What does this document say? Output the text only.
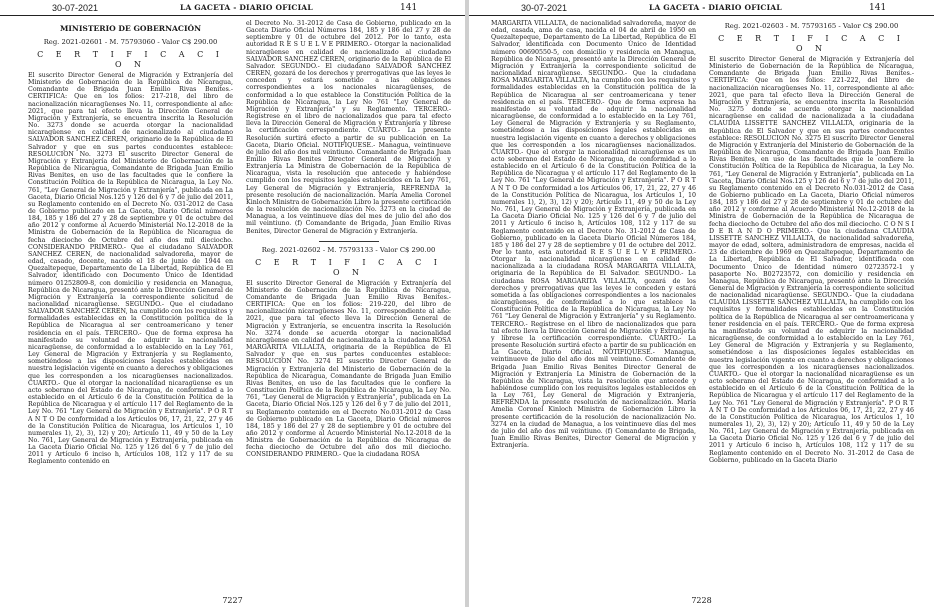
30-07-2021	LA GACETA - DIARIO OFICIAL	141

MINISTERIO DE GOBERNACIÓN

Reg. 2021-02601 - M. 75793060 - Valor C$ 290.00

C E R T I F I C A C I O N

El suscrito Director General de Migración y Extranjería del Ministerio de Gobernación de la República de Nicaragua, Comandante de Brigada Juan Emilio Rivas Benites.- CERTIFICA: Que en los folios: 217-218, del libro de nacionalización nicaragüenses No. 11, correspondiente al año: 2021, que para tal efecto lleva la Dirección General de Migración y Extranjería, se encuentra inscrita la Resolución No. 3273 donde se acuerda otorgar la nacionalidad nicaragüense en calidad de nacionalizado al ciudadano SALVADOR SANCHEZ CEREN, originario de la República de El Salvador y que en sus partes conducentes establece: RESOLUCION No. 3273 El suscrito Director General de Migración y Extranjería del Ministerio de Gobernación de la República de Nicaragua, Comandante de Brigada Juan Emilio Rivas Benites, en uso de las facultades que le confiere la Constitución Política de la República de Nicaragua, la Ley No. 761, "Ley General de Migración y Extranjería", publicada en La Gaceta, Diario Oficial Nos.125 y 126 del 6 y 7 de julio del 2011, su Reglamento contenido en el Decreto No. 031-2012 de Casa de Gobierno publicado en La Gaceta, Diario Oficial números 184, 185 y 186 del 27 y 28 de septiembre y 01 de octubre del año 2012 y conforme al Acuerdo Ministerial No.12-2018 de la Ministra de Gobernación de la República de Nicaragua de fecha dieciocho de Octubre del año dos mil dieciocho. CONSIDERANDO PRIMERO.- Que el ciudadano SALVADOR SANCHEZ CEREN, de nacionalidad salvadoreña, mayor de edad, casado, docente, nacido el 18 de junio de 1944 en Quezaltepeque, Departamento de La Libertad, República de El Salvador, identificado con Documento Único de Identidad número 01252809-8, con domicilio y residencia en Managua, República de Nicaragua, presentó ante la Dirección General de Migración y Extranjería la correspondiente solicitud de nacionalidad nicaragüense. SEGUNDO.- Que el ciudadano SALVADOR SANCHEZ CEREN, ha cumplido con los requisitos y formalidades establecidas en la Constitución política de la República de Nicaragua al ser centroamericano y tener residencia en el país. TERCERO.- Que de forma expresa ha manifestado su voluntad de adquirir la nacionalidad nicaragüense, de conformidad a lo establecido en la Ley 761, Ley General de Migración y Extranjería y su Reglamento, sometiéndose a las disposiciones legales establecidas en nuestra legislación vigente en cuanto a derechos y obligaciones que les corresponden a los nicaragüenses nacionalizados. CUARTO.- Que el otorgar la nacionalidad nicaragüense es un acto soberano del Estado de Nicaragua, de conformidad a lo establecido en el Artículo 6 de la Constitución Política de la República de Nicaragua y el artículo 117 del Reglamento de la Ley No. 761 "Ley General de Migración y Extranjería". P O R T A N T O De conformidad a los Artículos 06, 17, 21, 22, 27 y 46 de la Constitución Política de Nicaragua, los Artículos 1, 10 numerales 1), 2), 3), 12) y 20); Artículo 11, 49 y 50 de la Ley No. 761, Ley General de Migración y Extranjería, publicada en La Gaceta Diario Oficial No. 125 y 126 del 6 y 7 de julio del 2011 y Artículo 6 inciso h, Artículos 108, 112 y 117 de su Reglamento contenido en

el Decreto No. 31-2012 de Casa de Gobierno, publicado en la Gaceta Diario Oficial Números 184, 185 y 186 del 27 y 28 de septiembre y 01 de octubre del 2012. Por lo tanto, esta autoridad R E S U E L V E PRIMERO.- Otorgar la nacionalidad nicaragüense en calidad de nacionalizado al ciudadano SALVADOR SANCHEZ CEREN, originario de la República de El Salvador. SEGUNDO.- El ciudadano SALVADOR SANCHEZ CEREN, gozará de los derechos y prerrogativas que las leyes le conceden y estará sometido a las obligaciones correspondientes a los nacionales nicaragüenses, de conformidad a lo que establece la Constitución Política de la República de Nicaragua, la Ley No 761 "Ley General de Migración y Extranjería" y su Reglamento. TERCERO.- Regístrese en el libro de nacionalizados que para tal efecto lleva la Dirección General de Migración y Extranjería y líbrese la certificación correspondiente. CUARTO.- La presente Resolución surtirá efecto a partir de su publicación en La Gaceta, Diario Oficial. NOTIFIQUESE.- Managua, veintinueve de julio del año dos mil veintiuno. Comandante de Brigada Juan Emilio Rivas Benites Director General de Migración y Extranjería La Ministra de Gobernación de la República de Nicaragua, vista la resolución que antecede y habiéndose cumplido con los requisitos legales establecidos en la Ley 761, Ley General de Migración y Extranjería, REFRENDA la presente resolución de nacionalización. María Amelia Coronel Kinloch Ministra de Gobernación Libro la presente certificación de la resolución de nacionalización No. 3273 en la ciudad de Managua, a los veintinueve días del mes de julio del año dos mil veintiuno. (f) Comandante de Brigada, Juan Emilio Rivas Benites, Director General de Migración y Extranjería.

Reg. 2021-02602 - M. 75793133 - Valor C$ 290.00

C E R T I F I C A C I O N

El suscrito Director General de Migración y Extranjería del Ministerio de Gobernación de la República de Nicaragua, Comandante de Brigada Juan Emilio Rivas Benites.- CERTIFICA: Que en los folios: 219-220, del libro de nacionalización nicaragüenses No. 11, correspondiente al año: 2021, que para tal efecto lleva la Dirección General de Migración y Extranjería, se encuentra inscrita la Resolución No. 3274 donde se acuerda otorgar la nacionalidad nicaragüense en calidad de nacionalizada a la ciudadana ROSA MARGARITA VILLALTA, originaria de la República de El Salvador y que en sus partes conducentes establece: RESOLUCION No. 3274 El suscrito Director General de Migración y Extranjería del Ministerio de Gobernación de la República de Nicaragua, Comandante de Brigada Juan Emilio Rivas Benites, en uso de las facultades que le confiere la Constitución Política de la República de Nicaragua, la Ley No. 761, "Ley General de Migración y Extranjería", publicada en La Gaceta, Diario Oficial Nos.125 y 126 del 6 y 7 de julio del 2011, su Reglamento contenido en el Decreto No.031-2012 de Casa de Gobierno publicado en La Gaceta, Diario Oficial números 184, 185 y 186 del 27 y 28 de septiembre y 01 de octubre del año 2012 y conforme al Acuerdo Ministerial No.12-2018 de la Ministra de Gobernación de la República de Nicaragua de fecha dieciocho de Octubre del año dos mil dieciocho. CONSIDERANDO PRIMERO.- Que la ciudadana ROSA

7227
30-07-2021	LA GACETA - DIARIO OFICIAL	141

MARGARITA VILLALTA, de nacionalidad salvadoreña, mayor de edad, casada, ama de casa, nacida el 04 de abril de 1950 en Quezaltepeque, Departamento de La Libertad, República de El Salvador, identificada con Documento Único de Identidad número 00690550-5, con domicilio y residencia en Managua, República de Nicaragua, presentó ante la Dirección General de Migración y Extranjería la correspondiente solicitud de nacionalidad nicaragüense. SEGUNDO.- Que la ciudadana ROSA MARGARITA VILLALTA, ha cumplido con los requisitos y formalidades establecidas en la Constitución política de la República de Nicaragua al ser centroamericana y tener residencia en el país. TERCERO.- Que de forma expresa ha manifestado su voluntad de adquirir la nacionalidad nicaragüense, de conformidad a lo establecido en la Ley 761, Ley General de Migración y Extranjería y su Reglamento, sometiéndose a las disposiciones legales establecidas en nuestra legislación vigente en cuanto a derechos y obligaciones que les corresponden a los nicaragüenses nacionalizados. CUARTO.- Que el otorgar la nacionalidad nicaragüense es un acto soberano del Estado de Nicaragua, de conformidad a lo establecido en el Artículo 6 de la Constitución Política de la República de Nicaragua y el artículo 117 del Reglamento de la Ley No. 761 "Ley General de Migración y Extranjería". P O R T A N T O De conformidad a los Artículos 06, 17, 21, 22, 27 y 46 de la Constitución Política de Nicaragua, los Artículos 1, 10 numerales 1), 2), 3), 12) y 20); Artículo 11, 49 y 50 de la Ley No. 761, Ley General de Migración y Extranjería, publicada en La Gaceta Diario Oficial No. 125 y 126 del 6 y 7 de julio del 2011 y Artículo 6 inciso h, Artículos 108, 112 y 117 de su Reglamento contenido en el Decreto No. 31-2012 de Casa de Gobierno, publicado en la Gaceta Diario Oficial Números 184, 185 y 186 del 27 y 28 de septiembre y 01 de octubre del 2012. Por lo tanto, esta autoridad R E S U E L V E PRIMERO.- Otorgar la nacionalidad nicaragüense en calidad de nacionalizada a la ciudadana ROSA MARGARITA VILLALTA, originaria de la República de El Salvador. SEGUNDO.- La ciudadana ROSA MARGARITA VILLALTA, gozará de los derechos y prerrogativas que las leyes le conceden y estará sometida a las obligaciones correspondientes a los nacionales nicaragüenses, de conformidad a lo que establece la Constitución Política de la República de Nicaragua, la Ley No 761 "Ley General de Migración y Extranjería" y su Reglamento. TERCERO.- Regístrese en el libro de nacionalizados que para tal efecto lleva la Dirección General de Migración y Extranjería y líbrese la certificación correspondiente. CUARTO.- La presente Resolución surtirá efecto a partir de su publicación en La Gaceta, Diario Oficial. NOTIFIQUESE.- Managua, veintinueve de julio del año dos mil veintiuno. Comandante de Brigada Juan Emilio Rivas Benites Director General de Migración y Extranjería La Ministra de Gobernación de la República de Nicaragua, vista la resolución que antecede y habiéndose cumplido con los requisitos legales establecidos en la Ley 761, Ley General de Migración y Extranjería, REFRENDA la presente resolución de nacionalización. María Amelia Coronel Kinloch Ministra de Gobernación Libro la presente certificación de la resolución de nacionalización No. 3274 en la ciudad de Managua, a los veintinueve días del mes de julio del año dos mil veintiuno. (f) Comandante de Brigada, Juan Emilio Rivas Benites, Director General de Migración y Extranjería.

Reg. 2021-02603 - M. 75793165 - Valor C$ 290.00

C E R T I F I C A C I O N

El suscrito Director General de Migración y Extranjería del Ministerio de Gobernación de la República de Nicaragua, Comandante de Brigada Juan Emilio Rivas Benites.- CERTIFICA: Que en los folios: 221-222, del libro de nacionalización nicaragüenses No. 11, correspondiente al año: 2021, que para tal efecto lleva la Dirección General de Migración y Extranjería, se encuentra inscrita la Resolución No. 3275 donde se acuerda otorgar la nacionalidad nicaragüense en calidad de nacionalizada a la ciudadana CLAUDIA LISSETTE SANCHEZ VILLALTA, originaria de la República de El Salvador y que en sus partes conducentes establece: RESOLUCION No. 3275 El suscrito Director General de Migración y Extranjería del Ministerio de Gobernación de la República de Nicaragua, Comandante de Brigada Juan Emilio Rivas Benites, en uso de las facultades que le confiere la Constitución Política de la República de Nicaragua, la Ley No. 761, "Ley General de Migración y Extranjería", publicada en La Gaceta, Diario Oficial Nos.125 y 126 del 6 y 7 de julio del 2011, su Reglamento contenido en el Decreto No.031-2012 de Casa de Gobierno publicado en La Gaceta, Diario Oficial números 184, 185 y 186 del 27 y 28 de septiembre y 01 de octubre del año 2012 y conforme al Acuerdo Ministerial No.12-2018 de la Ministra de Gobernación de la República de Nicaragua de fecha dieciocho de Octubre del año dos mil dieciocho. C O N S I D E R A N D O PRIMERO.- Que la ciudadana CLAUDIA LISSETTE SANCHEZ VILLALTA, de nacionalidad salvadoreña, mayor de edad, soltera, administradora de empresas, nacida el 23 de diciembre de 1969 en Quezaltepeque, Departamento de La Libertad, República de El Salvador, identificada con Documento Único de Identidad número 02723572-1 y pasaporte No. B02723572, con domicilio y residencia en Managua, República de Nicaragua, presentó ante la Dirección General de Migración y Extranjería la correspondiente solicitud de nacionalidad nicaragüense. SEGUNDO.- Que la ciudadana CLAUDIA LISSETTE SANCHEZ VILLALTA, ha cumplido con los requisitos y formalidades establecidas en la Constitución política de la República de Nicaragua al ser centroamericana y tener residencia en el país. TERCERO.- Que de forma expresa ha manifestado su voluntad de adquirir la nacionalidad nicaragüense, de conformidad a lo establecido en la Ley 761, Ley General de Migración y Extranjería y su Reglamento, sometiéndose a las disposiciones legales establecidas en nuestra legislación vigente en cuanto a derechos y obligaciones que les corresponden a los nicaragüenses nacionalizados. CUARTO.- Que el otorgar la nacionalidad nicaragüense es un acto soberano del Estado de Nicaragua, de conformidad a lo establecido en el Artículo 6 de la Constitución Política de la República de Nicaragua y el artículo 117 del Reglamento de la Ley No. 761 "Ley General de Migración y Extranjería". P O R T A N T O De conformidad a los Artículos 06, 17, 21, 22, 27 y 46 de la Constitución Política de Nicaragua, los Artículos 1, 10 numerales 1), 2), 3), 12) y 20); Artículo 11, 49 y 50 de la Ley No. 761, Ley General de Migración y Extranjería, publicada en La Gaceta Diario Oficial No. 125 y 126 del 6 y 7 de julio del 2011 y Artículo 6 inciso h, Artículos 108, 112 y 117 de su Reglamento contenido en el Decreto No. 31-2012 de Casa de Gobierno, publicado en la Gaceta Diario

7228
